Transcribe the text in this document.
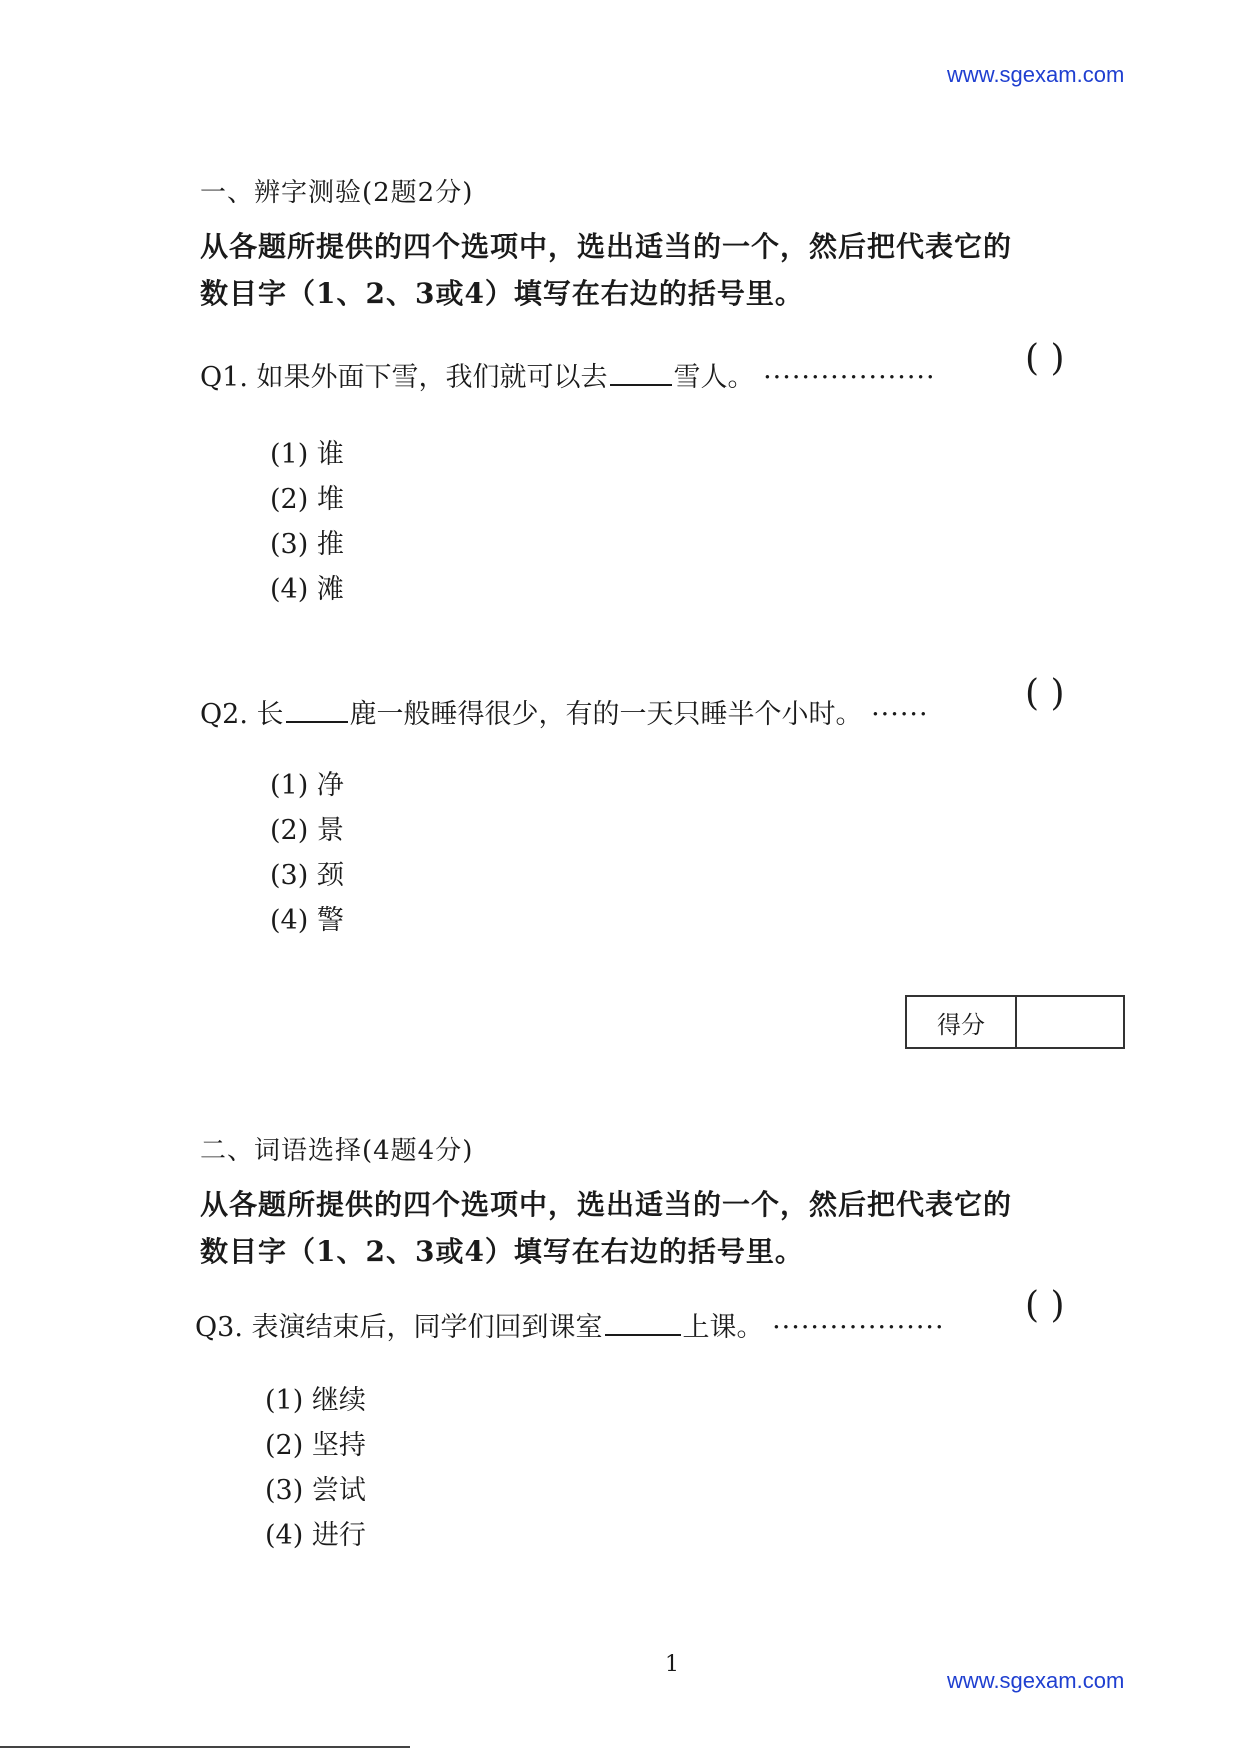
www.sgexam.com
www.sgexam.com
一、辨字测验(2题2分)
从各题所提供的四个选项中，选出适当的一个，然后把代表它的
数目字（1、2、3或4）填写在右边的括号里。
Q1. 如果外面下雪，我们就可以去 雪人。 ·················· ( )
(1) 谁
(2) 堆
(3) 推
(4) 滩
Q2. 长 鹿一般睡得很少，有的一天只睡半个小时。 ······
( )
(1) 净
(2) 景
(3) 颈
(4) 警
得分
二、词语选择(4题4分)
从各题所提供的四个选项中，选出适当的一个，然后把代表它的
数目字（1、2、3或4）填写在右边的括号里。
Q3. 表演结束后，同学们回到课室	上课。 ··················
( )
(1) 继续
(2) 坚持
(3) 尝试
(4) 进行
1
